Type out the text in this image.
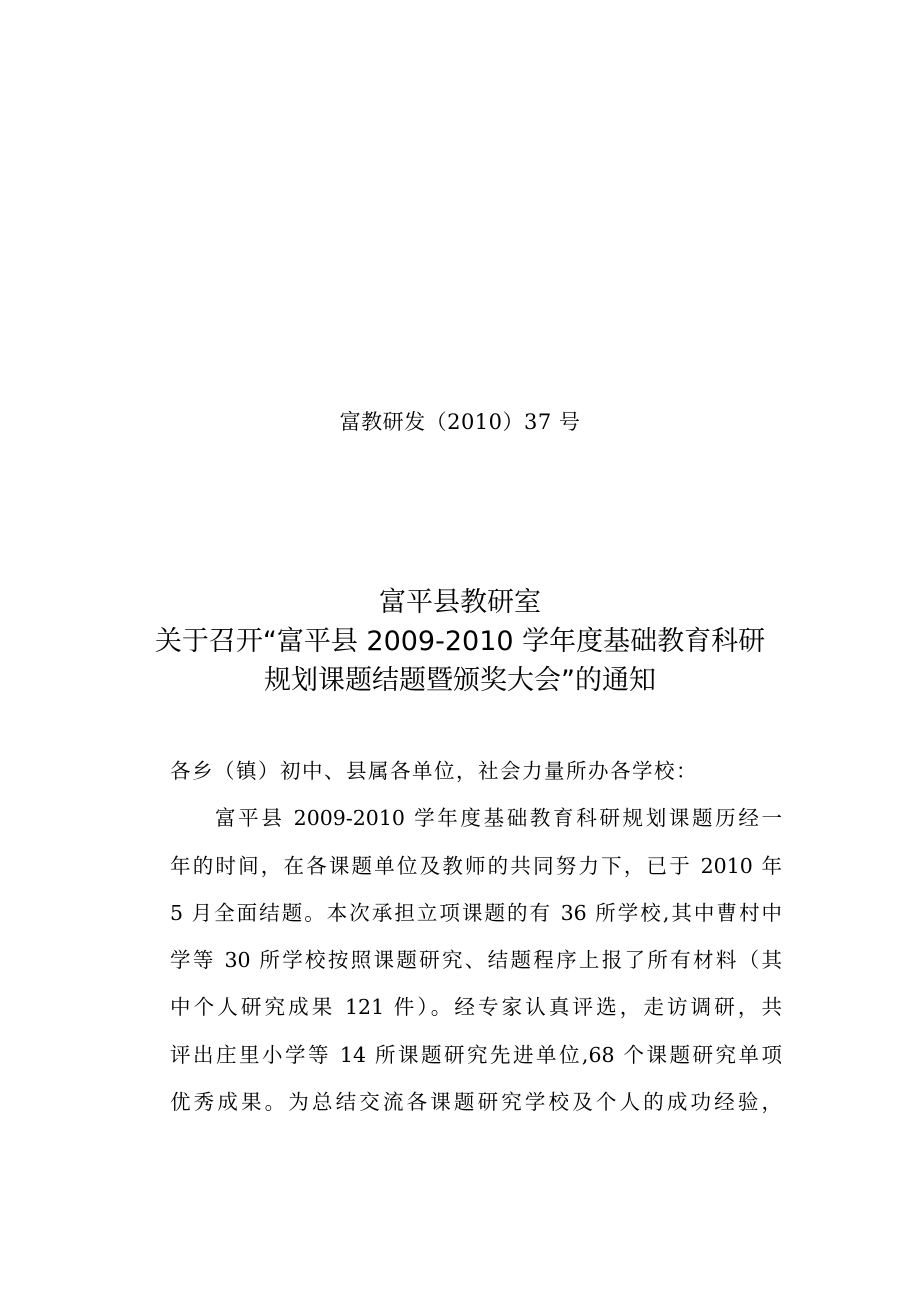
富教研发（2010）37 号
富平县教研室
关于召开“富平县 2009-2010 学年度基础教育科研
规划课题结题暨颁奖大会”的通知
各乡（镇）初中、县属各单位，社会力量所办各学校：
富平县 2009-2010 学年度基础教育科研规划课题历经一
年的时间，在各课题单位及教师的共同努力下，已于 2010 年
5 月全面结题。本次承担立项课题的有 36 所学校,其中曹村中
学等 30 所学校按照课题研究、结题程序上报了所有材料（其
中个人研究成果 121 件）。经专家认真评选，走访调研，共
评出庄里小学等 14 所课题研究先进单位,68 个课题研究单项
优秀成果。为总结交流各课题研究学校及个人的成功经验，
